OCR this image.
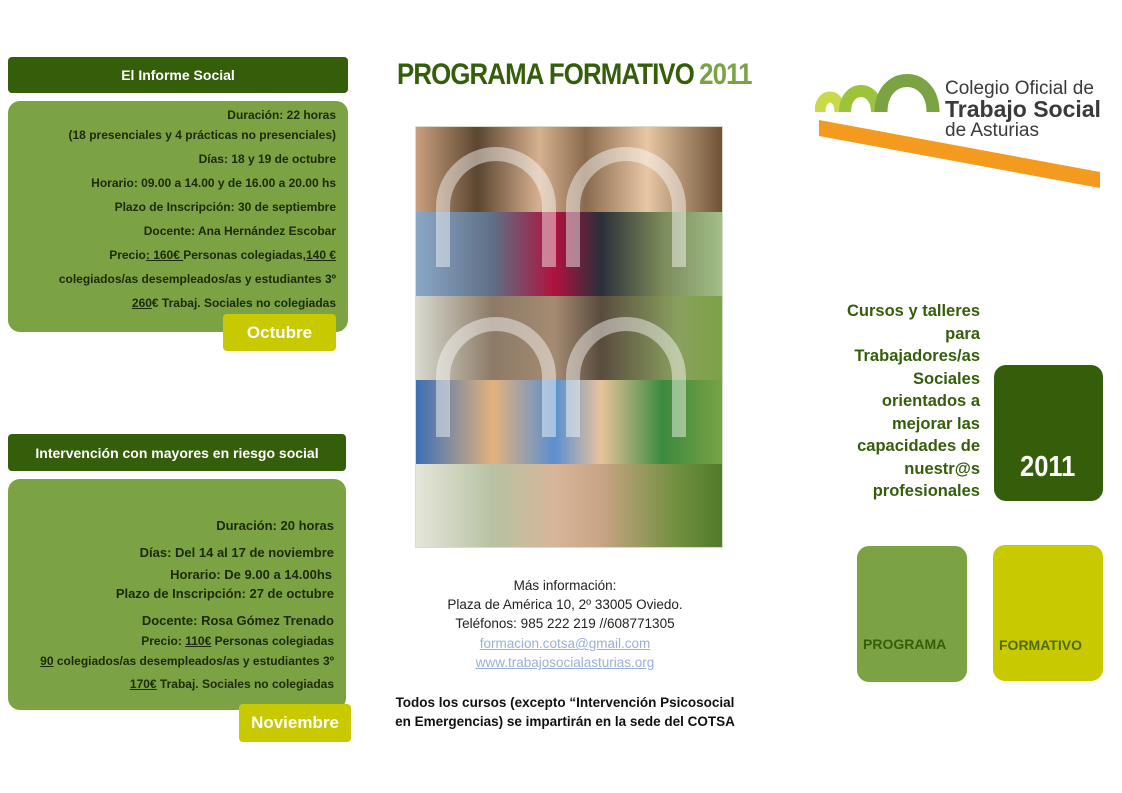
El Informe Social
Duración: 22 horas
(18 presenciales y 4 prácticas no presenciales)
Días: 18 y 19 de octubre
Horario: 09.00 a 14.00 y de 16.00 a 20.00 hs
Plazo de Inscripción: 30 de septiembre
Docente: Ana Hernández Escobar
Precio: 160€ Personas colegiadas,140 €
colegiados/as desempleados/as y estudiantes 3º
260€ Trabaj. Sociales no colegiadas
Octubre
Intervención con mayores en riesgo social
Duración: 20 horas
Días: Del 14 al 17 de noviembre
Horario: De 9.00 a 14.00hs
Plazo de Inscripción: 27 de octubre
Docente: Rosa Gómez Trenado
Precio: 110€ Personas colegiadas
90 colegiados/as desempleados/as y estudiantes 3º
170€ Trabaj. Sociales no colegiadas
Noviembre
PROGRAMA FORMATIVO 2011
Más información:
Plaza de América 10, 2º 33005 Oviedo.
Teléfonos: 985 222 219 //608771305
formacion.cotsa@gmail.com
www.trabajosocialasturias.org
Todos los cursos (excepto “Intervención Psicosocial en Emergencias) se impartirán en la sede del COTSA
Colegio Oficial de
Trabajo Social
de Asturias
Cursos y talleres
para
Trabajadores/as
Sociales
orientados a
mejorar las
capacidades de
nuestr@s
profesionales
2011
PROGRAMA	FORMATIVO
